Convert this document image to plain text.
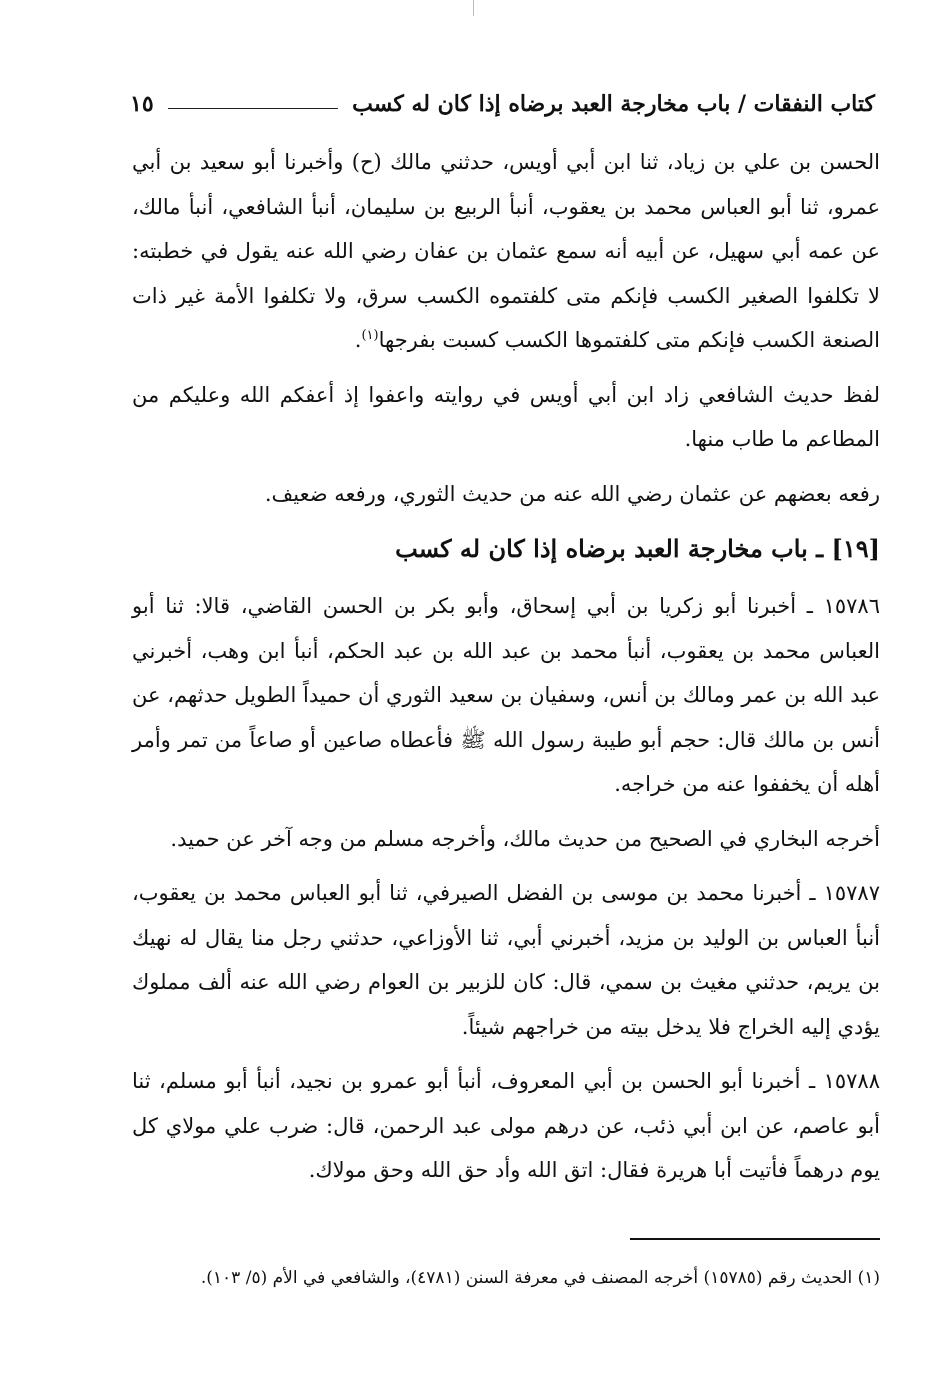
كتاب النفقات / باب مخارجة العبد برضاه إذا كان له كسب
١٥

الحسن بن علي بن زياد، ثنا ابن أبي أويس، حدثني مالك (ح) وأخبرنا أبو سعيد بن أبي عمرو، ثنا أبو العباس محمد بن يعقوب، أنبأ الربيع بن سليمان، أنبأ الشافعي، أنبأ مالك، عن عمه أبي سهيل، عن أبيه أنه سمع عثمان بن عفان رضي الله عنه يقول في خطبته: لا تكلفوا الصغير الكسب فإنكم متى كلفتموه الكسب سرق، ولا تكلفوا الأمة غير ذات الصنعة الكسب فإنكم متى كلفتموها الكسب كسبت بفرجها$^{(١)}$.

لفظ حديث الشافعي زاد ابن أبي أويس في روايته واعفوا إذ أعفكم الله وعليكم من المطاعم ما طاب منها.

رفعه بعضهم عن عثمان رضي الله عنه من حديث الثوري، ورفعه ضعيف.

[١٩] ـ باب مخارجة العبد برضاه إذا كان له كسب

١٥٧٨٦ ـ أخبرنا أبو زكريا بن أبي إسحاق، وأبو بكر بن الحسن القاضي، قالا: ثنا أبو العباس محمد بن يعقوب، أنبأ محمد بن عبد الله بن عبد الحكم، أنبأ ابن وهب، أخبرني عبد الله بن عمر ومالك بن أنس، وسفيان بن سعيد الثوري أن حميداً الطويل حدثهم، عن أنس بن مالك قال: حجم أبو طيبة رسول الله ﷺ فأعطاه صاعين أو صاعاً من تمر وأمر أهله أن يخففوا عنه من خراجه.

أخرجه البخاري في الصحيح من حديث مالك، وأخرجه مسلم من وجه آخر عن حميد.

١٥٧٨٧ ـ أخبرنا محمد بن موسى بن الفضل الصيرفي، ثنا أبو العباس محمد بن يعقوب، أنبأ العباس بن الوليد بن مزيد، أخبرني أبي، ثنا الأوزاعي، حدثني رجل منا يقال له نهيك بن يريم، حدثني مغيث بن سمي، قال: كان للزبير بن العوام رضي الله عنه ألف مملوك يؤدي إليه الخراج فلا يدخل بيته من خراجهم شيئاً.

١٥٧٨٨ ـ أخبرنا أبو الحسن بن أبي المعروف، أنبأ أبو عمرو بن نجيد، أنبأ أبو مسلم، ثنا أبو عاصم، عن ابن أبي ذئب، عن درهم مولى عبد الرحمن، قال: ضرب علي مولاي كل يوم درهماً فأتيت أبا هريرة فقال: اتق الله وأد حق الله وحق مولاك.

(١) الحديث رقم (١٥٧٨٥) أخرجه المصنف في معرفة السنن (٤٧٨١)، والشافعي في الأم (٥/ ١٠٣).
